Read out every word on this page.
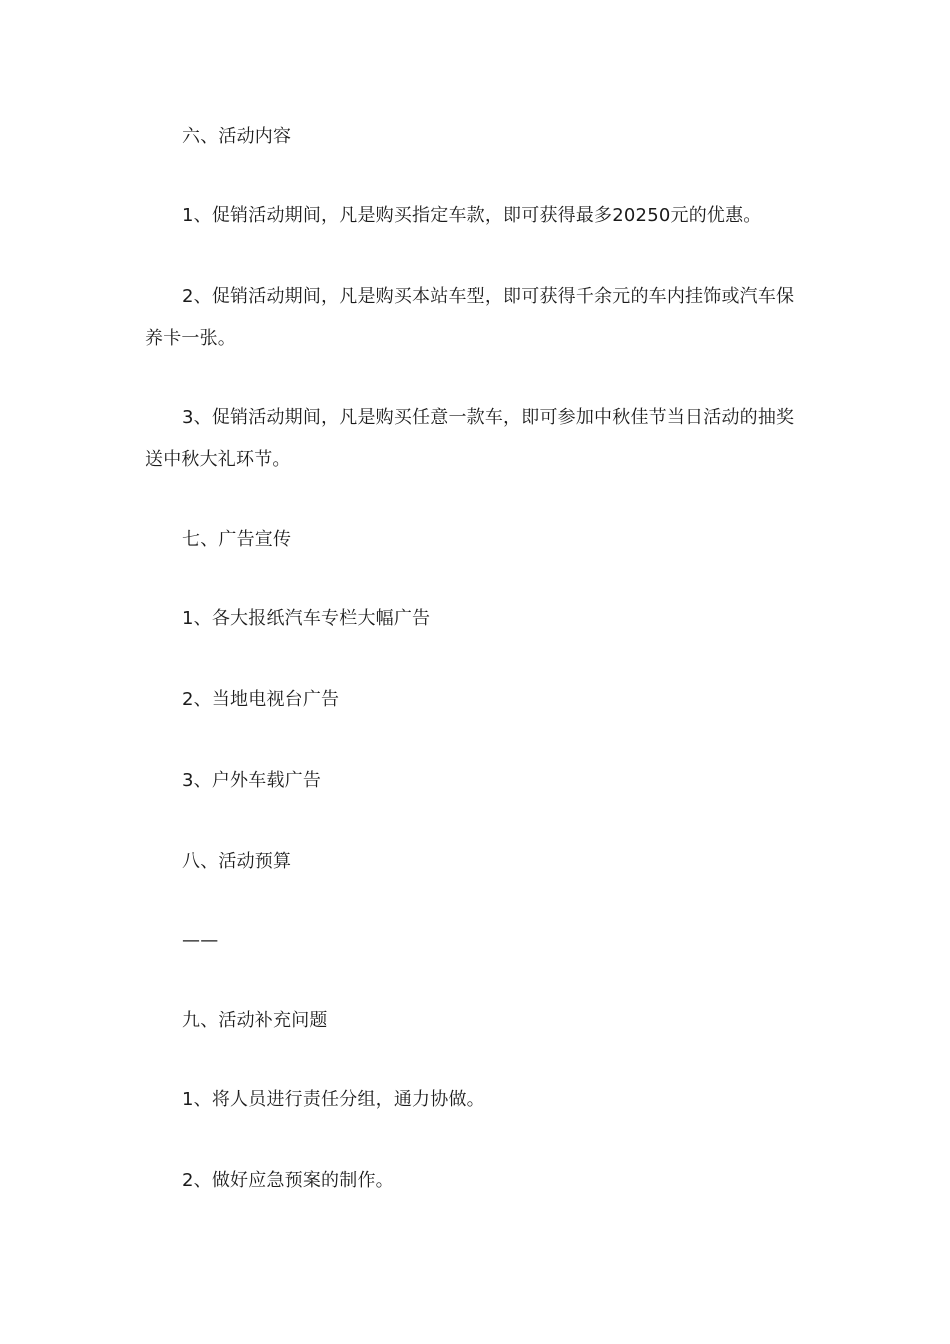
六、活动内容

1、促销活动期间，凡是购买指定车款，即可获得最多20250元的优惠。

2、促销活动期间，凡是购买本站车型，即可获得千余元的车内挂饰或汽车保养卡一张。

3、促销活动期间，凡是购买任意一款车，即可参加中秋佳节当日活动的抽奖送中秋大礼环节。

七、广告宣传

1、各大报纸汽车专栏大幅广告

2、当地电视台广告

3、户外车载广告

八、活动预算

——

九、活动补充问题

1、将人员进行责任分组，通力协做。

2、做好应急预案的制作。
